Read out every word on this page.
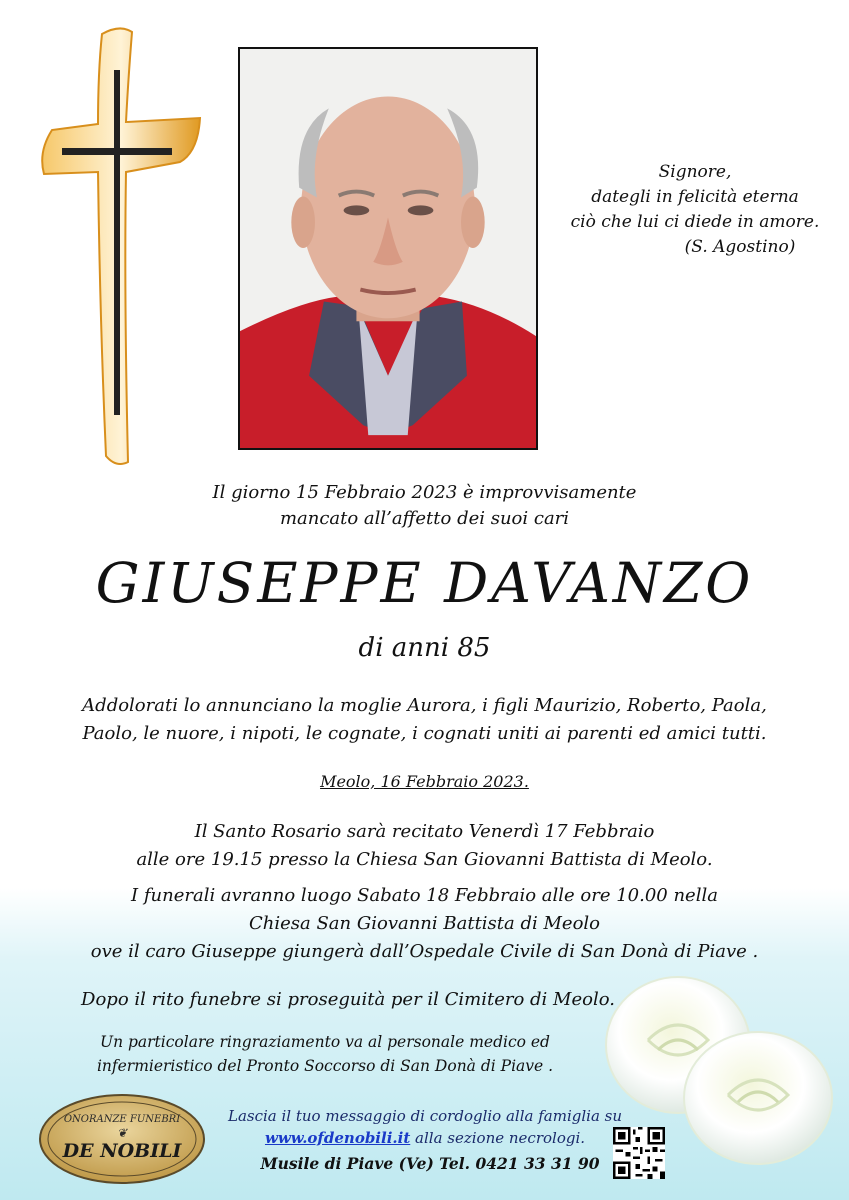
Signore,
dategli in felicità eterna
ciò che lui ci diede in amore.
(S. Agostino)
Il giorno 15 Febbraio 2023 è improvvisamente
mancato all’affetto dei suoi cari
GIUSEPPE DAVANZO
di anni 85
Addolorati lo annunciano la moglie Aurora, i figli Maurizio, Roberto, Paola,
Paolo, le nuore, i nipoti, le cognate, i cognati uniti ai parenti ed amici tutti.
Meolo, 16 Febbraio 2023.
Il Santo Rosario sarà recitato Venerdì 17 Febbraio
alle ore 19.15 presso la Chiesa San Giovanni Battista di Meolo.
I funerali avranno luogo Sabato 18 Febbraio alle ore 10.00 nella
Chiesa San Giovanni Battista di Meolo
ove il caro Giuseppe giungerà dall’Ospedale Civile di San Donà di Piave .
Dopo il rito funebre si proseguità per il Cimitero di Meolo.
Un particolare ringraziamento va al personale medico ed
infermieristico del Pronto Soccorso di San Donà di Piave .
ONORANZE FUNEBRI
❦
DE NOBILI
Lascia il tuo messaggio di cordoglio alla famiglia su
www.ofdenobili.it alla sezione necrologi.
Musile di Piave (Ve) Tel. 0421 33 31 90
